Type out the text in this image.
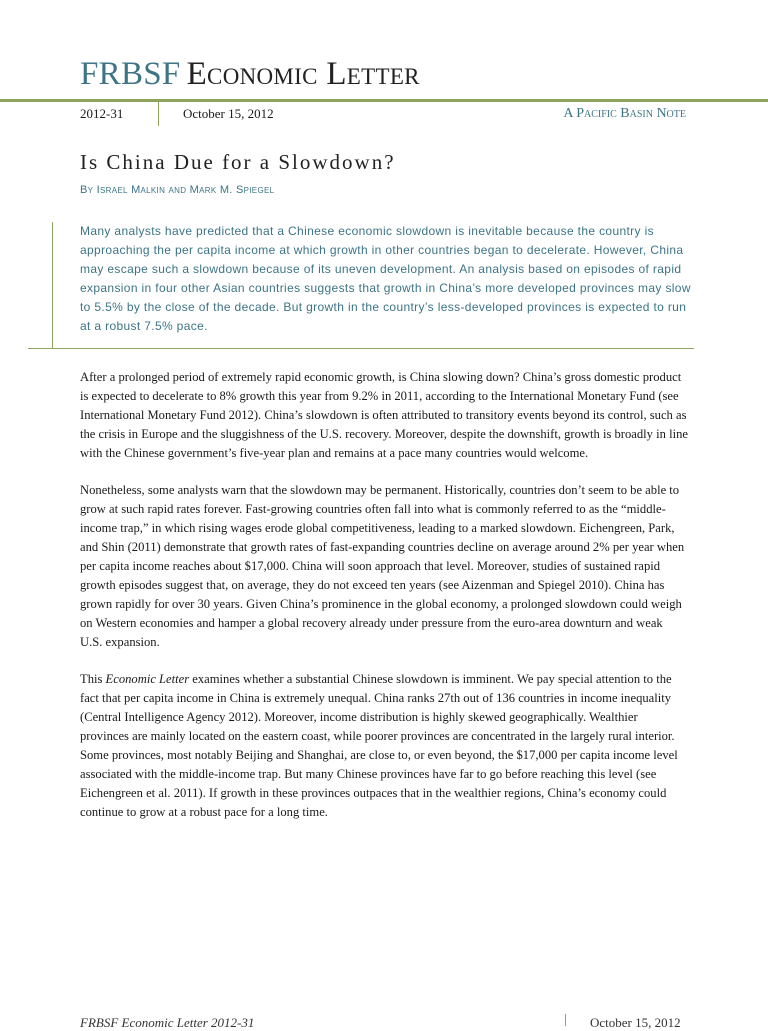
FRBSF Economic Letter
2012-31	October 15, 2012	A Pacific Basin Note
Is China Due for a Slowdown?
By Israel Malkin and Mark M. Spiegel

Many analysts have predicted that a Chinese economic slowdown is inevitable because the country is approaching the per capita income at which growth in other countries began to decelerate. However, China may escape such a slowdown because of its uneven development. An analysis based on episodes of rapid expansion in four other Asian countries suggests that growth in China’s more developed provinces may slow to 5.5% by the close of the decade. But growth in the country’s less-developed provinces is expected to run at a robust 7.5% pace.

After a prolonged period of extremely rapid economic growth, is China slowing down? China’s gross domestic product is expected to decelerate to 8% growth this year from 9.2% in 2011, according to the International Monetary Fund (see International Monetary Fund 2012). China’s slowdown is often attributed to transitory events beyond its control, such as the crisis in Europe and the sluggishness of the U.S. recovery. Moreover, despite the downshift, growth is broadly in line with the Chinese government’s five-year plan and remains at a pace many countries would welcome.

Nonetheless, some analysts warn that the slowdown may be permanent. Historically, countries don’t seem to be able to grow at such rapid rates forever. Fast-growing countries often fall into what is commonly referred to as the “middle-income trap,” in which rising wages erode global competitiveness, leading to a marked slowdown. Eichengreen, Park, and Shin (2011) demonstrate that growth rates of fast-expanding countries decline on average around 2% per year when per capita income reaches about $17,000. China will soon approach that level. Moreover, studies of sustained rapid growth episodes suggest that, on average, they do not exceed ten years (see Aizenman and Spiegel 2010). China has grown rapidly for over 30 years. Given China’s prominence in the global economy, a prolonged slowdown could weigh on Western economies and hamper a global recovery already under pressure from the euro-area downturn and weak U.S. expansion.

This Economic Letter examines whether a substantial Chinese slowdown is imminent. We pay special attention to the fact that per capita income in China is extremely unequal. China ranks 27th out of 136 countries in income inequality (Central Intelligence Agency 2012). Moreover, income distribution is highly skewed geographically. Wealthier provinces are mainly located on the eastern coast, while poorer provinces are concentrated in the largely rural interior. Some provinces, most notably Beijing and Shanghai, are close to, or even beyond, the $17,000 per capita income level associated with the middle-income trap. But many Chinese provinces have far to go before reaching this level (see Eichengreen et al. 2011). If growth in these provinces outpaces that in the wealthier regions, China’s economy could continue to grow at a robust pace for a long time.

FRBSF Economic Letter 2012-31	October 15, 2012
